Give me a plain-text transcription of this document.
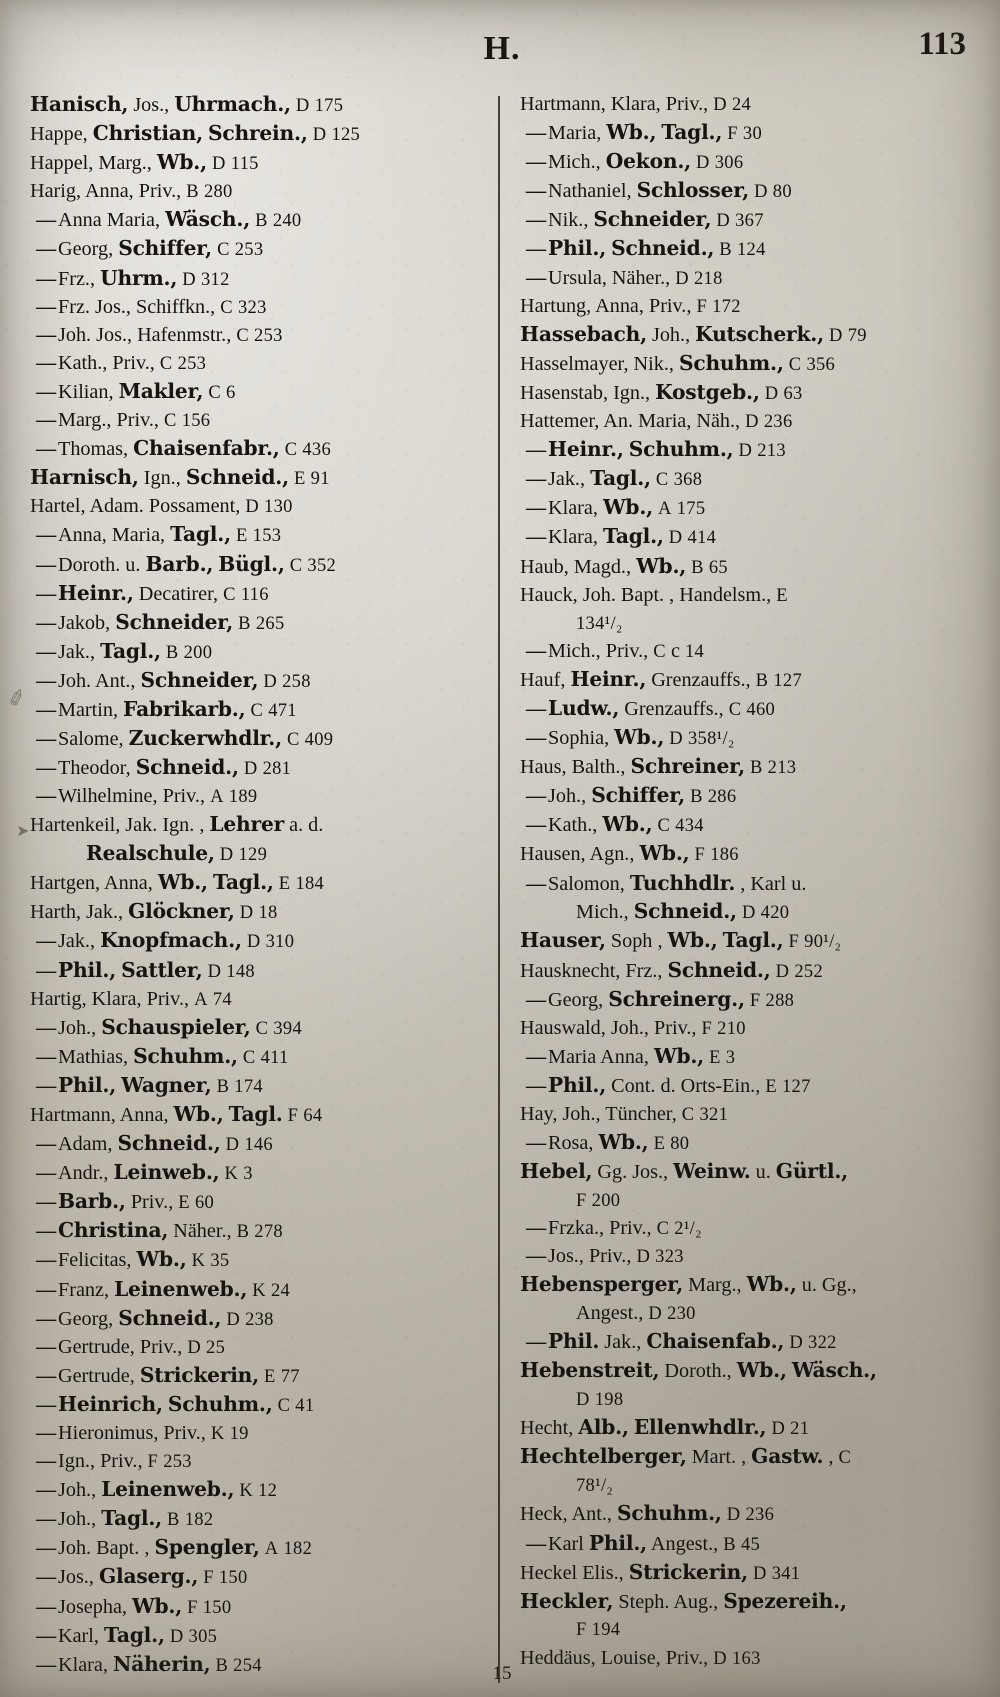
H.	113
Hanisch, Jos., Uhrmach., D 175
Happe, Christian, Schrein., D 125
Happel, Marg., Wb., D 115
Harig, Anna, Priv., B 280
—Anna Maria, Wäsch., B 240
—Georg, Schiffer, C 253
—Frz., Uhrm., D 312
—Frz. Jos., Schiffkn., C 323
—Joh. Jos., Hafenmstr., C 253
—Kath., Priv., C 253
—Kilian, Makler, C 6
—Marg., Priv., C 156
—Thomas, Chaisenfabr., C 436
Harnisch, Ign., Schneid., E 91
Hartel, Adam. Possament, D 130
—Anna, Maria, Tagl., E 153
—Doroth. u. Barb., Bügl., C 352
—Heinr., Decatirer, C 116
—Jakob, Schneider, B 265
—Jak., Tagl., B 200
—Joh. Ant., Schneider, D 258
—Martin, Fabrikarb., C 471
—Salome, Zuckerwhdlr., C 409
—Theodor, Schneid., D 281
—Wilhelmine, Priv., A 189
Hartenkeil, Jak. Ign. , Lehrer a. d.
Realschule, D 129
Hartgen, Anna, Wb., Tagl., E 184
Harth, Jak., Glöckner, D 18
—Jak., Knopfmach., D 310
—Phil., Sattler, D 148
Hartig, Klara, Priv., A 74
—Joh., Schauspieler, C 394
—Mathias, Schuhm., C 411
—Phil., Wagner, B 174
Hartmann, Anna, Wb., Tagl. F 64
—Adam, Schneid., D 146
—Andr., Leinweb., K 3
—Barb., Priv., E 60
—Christina, Näher., B 278
—Felicitas, Wb., K 35
—Franz, Leinenweb., K 24
—Georg, Schneid., D 238
—Gertrude, Priv., D 25
—Gertrude, Strickerin, E 77
—Heinrich, Schuhm., C 41
—Hieronimus, Priv., K 19
—Ign., Priv., F 253
—Joh., Leinenweb., K 12
—Joh., Tagl., B 182
—Joh. Bapt. , Spengler, A 182
—Jos., Glaserg., F 150
—Josepha, Wb., F 150
—Karl, Tagl., D 305
—Klara, Näherin, B 254
Hartmann, Klara, Priv., D 24
—Maria, Wb., Tagl., F 30
—Mich., Oekon., D 306
—Nathaniel, Schlosser, D 80
—Nik., Schneider, D 367
—Phil., Schneid., B 124
—Ursula, Näher., D 218
Hartung, Anna, Priv., F 172
Hassebach, Joh., Kutscherk., D 79
Hasselmayer, Nik., Schuhm., C 356
Hasenstab, Ign., Kostgeb., D 63
Hattemer, An. Maria, Näh., D 236
—Heinr., Schuhm., D 213
—Jak., Tagl., C 368
—Klara, Wb., A 175
—Klara, Tagl., D 414
Haub, Magd., Wb., B 65
Hauck, Joh. Bapt. , Handelsm., E
134¹/₂
—Mich., Priv., C c 14
Hauf, Heinr., Grenzauffs., B 127
—Ludw., Grenzauffs., C 460
—Sophia, Wb., D 358¹/₂
Haus, Balth., Schreiner, B 213
—Joh., Schiffer, B 286
—Kath., Wb., C 434
Hausen, Agn., Wb., F 186
—Salomon, Tuchhdlr. , Karl u.
Mich., Schneid., D 420
Hauser, Soph , Wb., Tagl., F 90¹/₂
Hausknecht, Frz., Schneid., D 252
—Georg, Schreinerg., F 288
Hauswald, Joh., Priv., F 210
—Maria Anna, Wb., E 3
—Phil., Cont. d. Orts-Ein., E 127
Hay, Joh., Tüncher, C 321
—Rosa, Wb., E 80
Hebel, Gg. Jos., Weinw. u. Gürtl.,
F 200
—Frzka., Priv., C 2¹/₂
—Jos., Priv., D 323
Hebensperger, Marg., Wb., u. Gg.,
Angest., D 230
—Phil. Jak., Chaisenfab., D 322
Hebenstreit, Doroth., Wb., Wäsch.,
D 198
Hecht, Alb., Ellenwhdlr., D 21
Hechtelberger, Mart. , Gastw. , C
78¹/₂
Heck, Ant., Schuhm., D 236
—Karl Phil., Angest., B 45
Heckel Elis., Strickerin, D 341
Heckler, Steph. Aug., Spezereih.,
F 194
Heddäus, Louise, Priv., D 163
✐
➤
15
